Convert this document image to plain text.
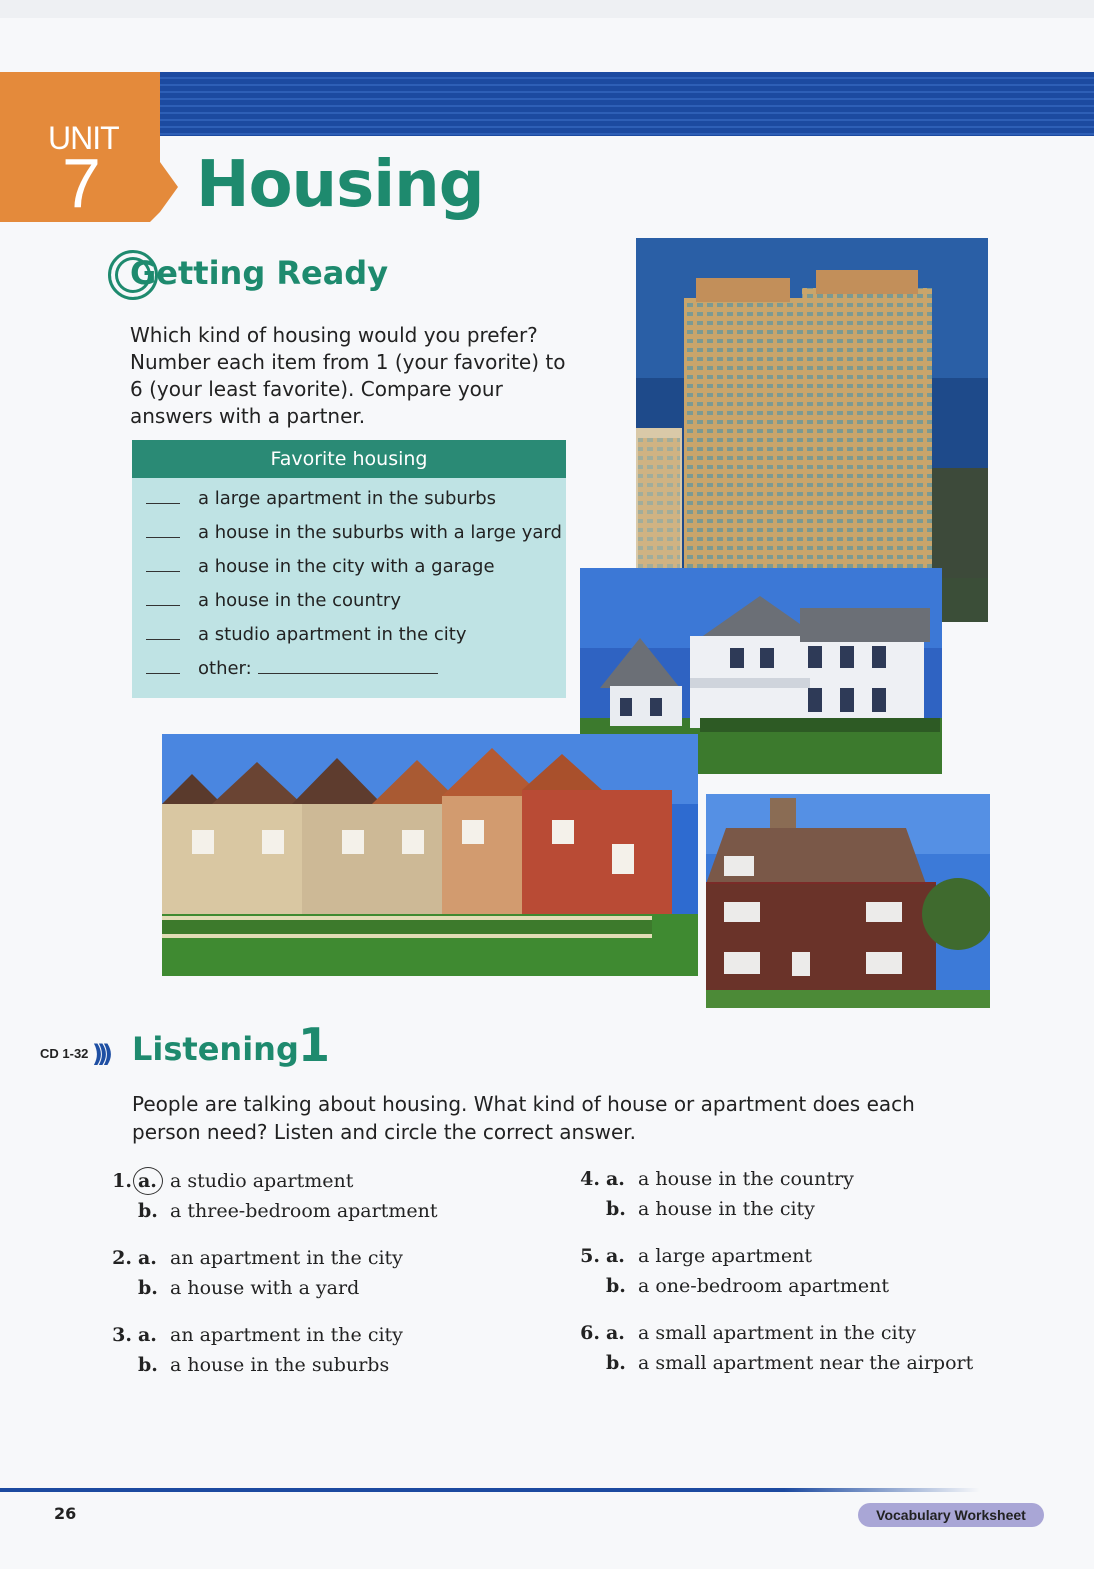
UNIT
7 Housing
Getting Ready

Which kind of housing would you prefer? Number each item from 1 (your favorite) to 6 (your least favorite). Compare your answers with a partner.

Favorite housing
a large apartment in the suburbs
a house in the suburbs with a large yard
a house in the city with a garage
a house in the country
a studio apartment in the city
other:
CD 1-32 ))) Listening 1

People are talking about housing. What kind of house or apartment does each person need? Listen and circle the correct answer.

1. a. a studio apartment
b. a three-bedroom apartment
2. a. an apartment in the city
b. a house with a yard
3. a. an apartment in the city
b. a house in the suburbs
4. a. a house in the country
b. a house in the city
5. a. a large apartment
b. a one-bedroom apartment
6. a. a small apartment in the city
b. a small apartment near the airport
26	Vocabulary Worksheet
